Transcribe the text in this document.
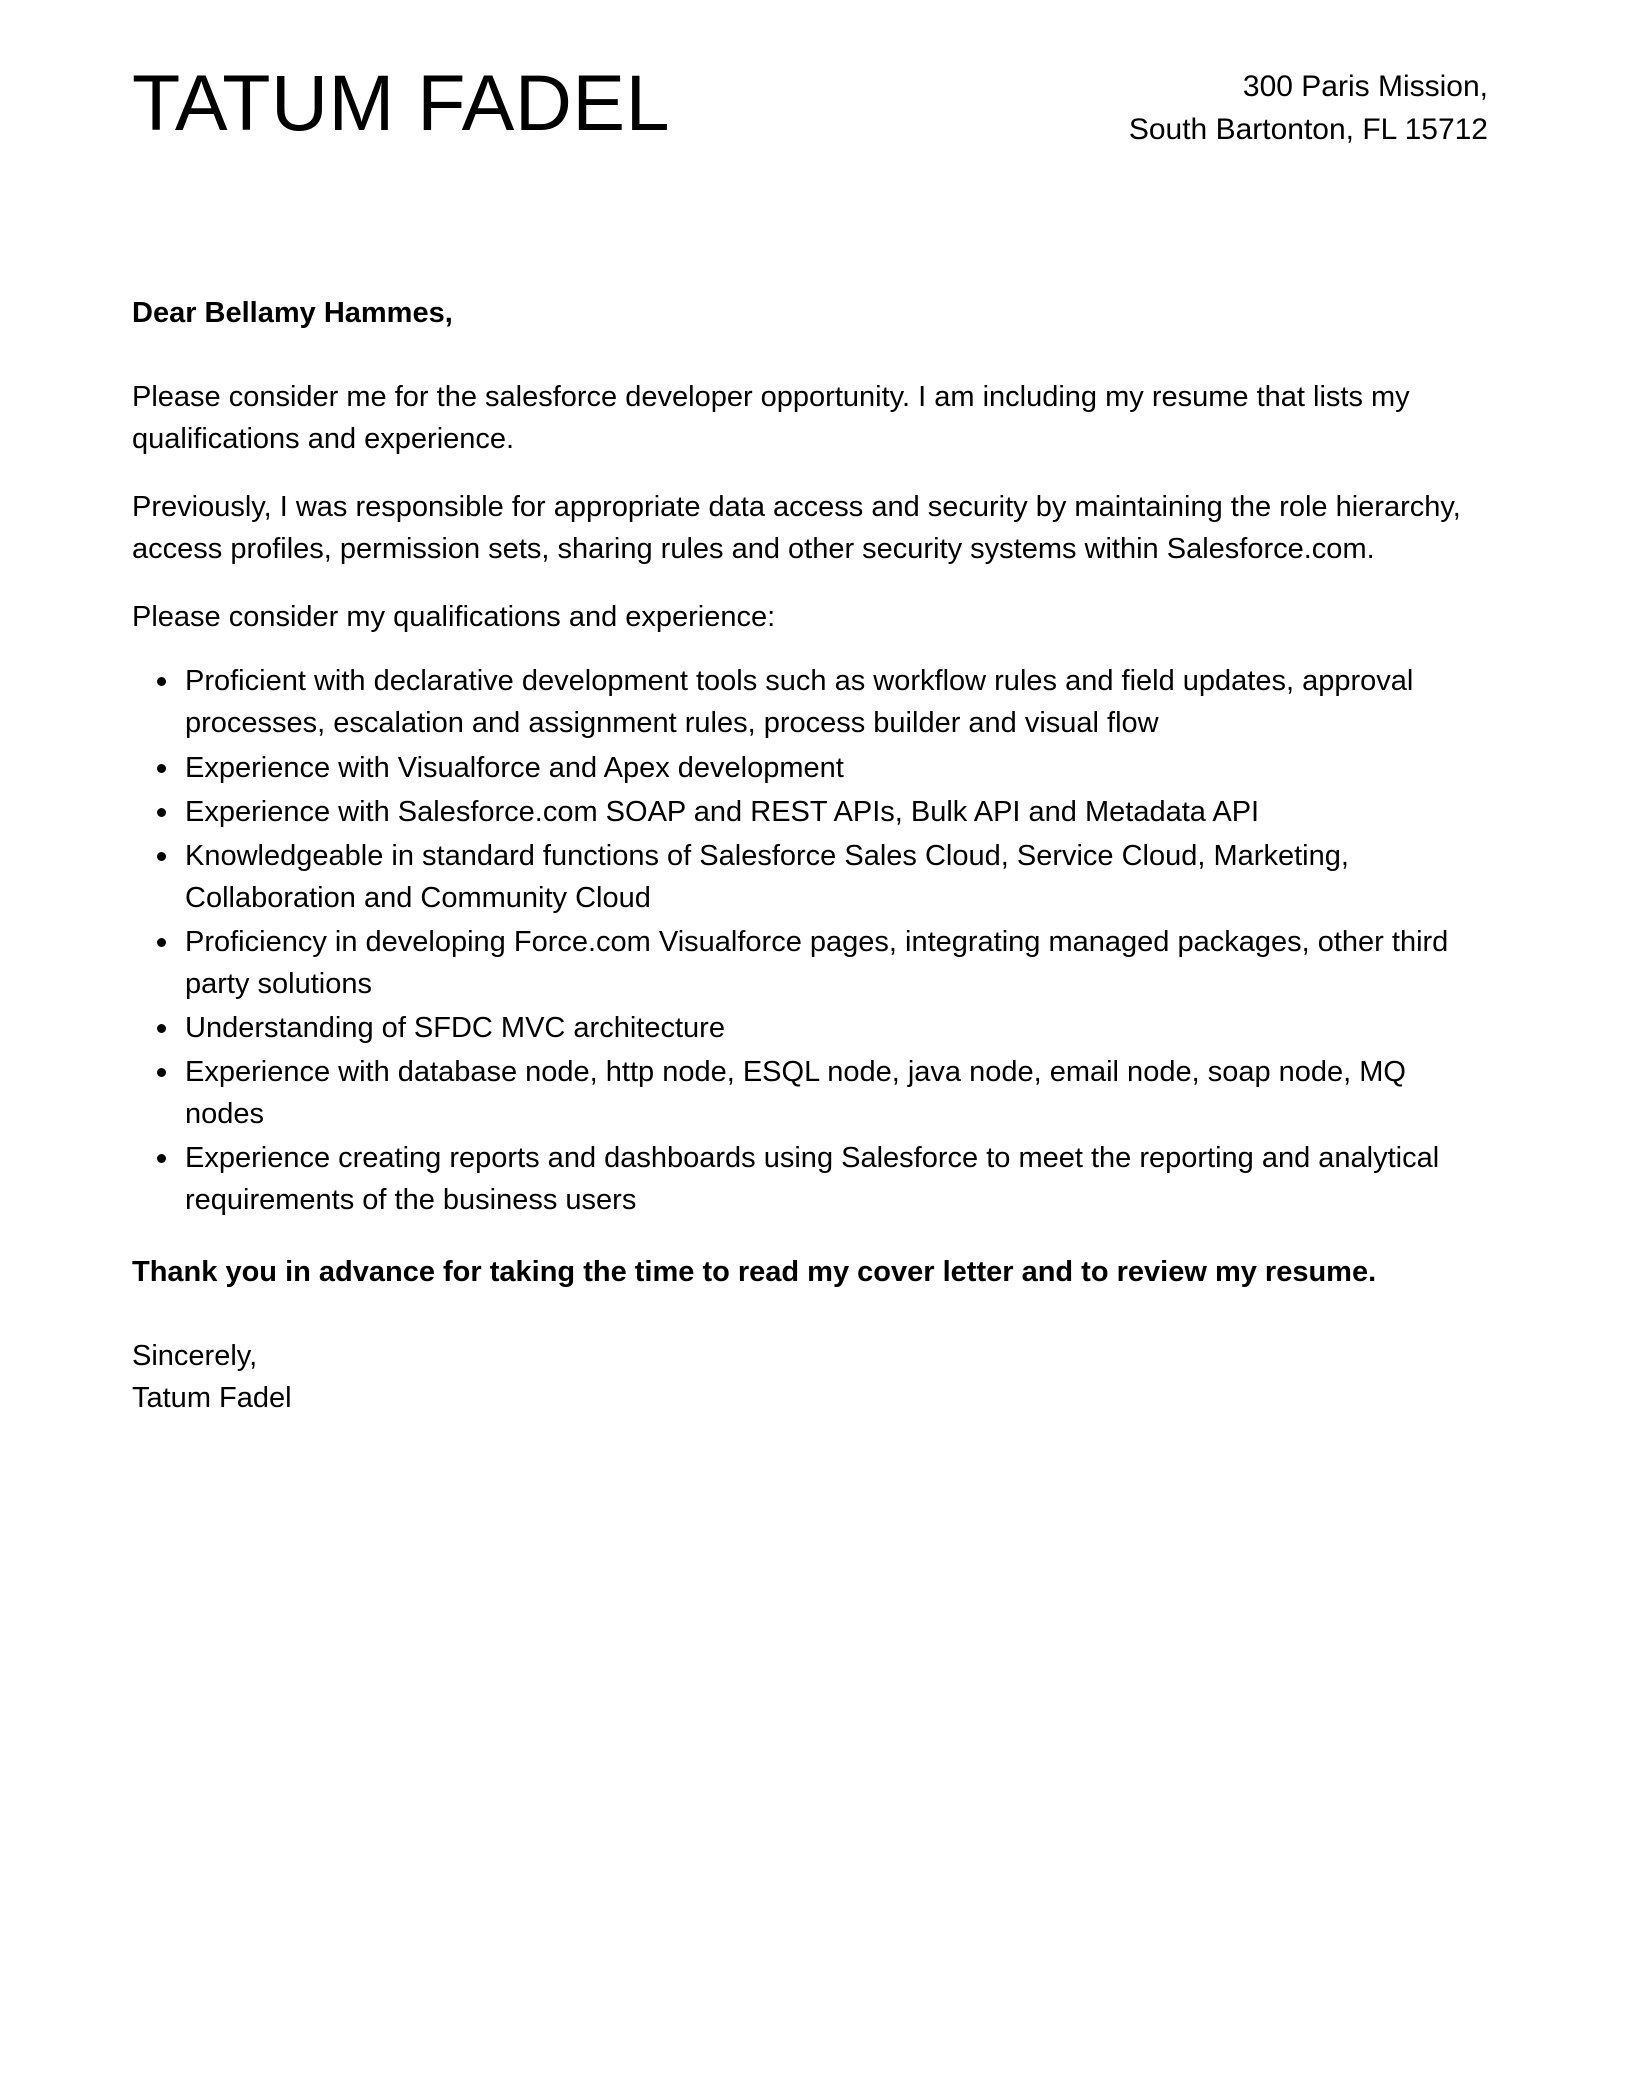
TATUM FADEL	300 Paris Mission,
South Bartonton, FL 15712

Dear Bellamy Hammes,

Please consider me for the salesforce developer opportunity. I am including my resume that lists my qualifications and experience.

Previously, I was responsible for appropriate data access and security by maintaining the role hierarchy, access profiles, permission sets, sharing rules and other security systems within Salesforce.com.

Please consider my qualifications and experience:

Proficient with declarative development tools such as workflow rules and field updates, approval processes, escalation and assignment rules, process builder and visual flow
Experience with Visualforce and Apex development
Experience with Salesforce.com SOAP and REST APIs, Bulk API and Metadata API
Knowledgeable in standard functions of Salesforce Sales Cloud, Service Cloud, Marketing, Collaboration and Community Cloud
Proficiency in developing Force.com Visualforce pages, integrating managed packages, other third party solutions
Understanding of SFDC MVC architecture
Experience with database node, http node, ESQL node, java node, email node, soap node, MQ nodes
Experience creating reports and dashboards using Salesforce to meet the reporting and analytical requirements of the business users

Thank you in advance for taking the time to read my cover letter and to review my resume.

Sincerely,
Tatum Fadel
